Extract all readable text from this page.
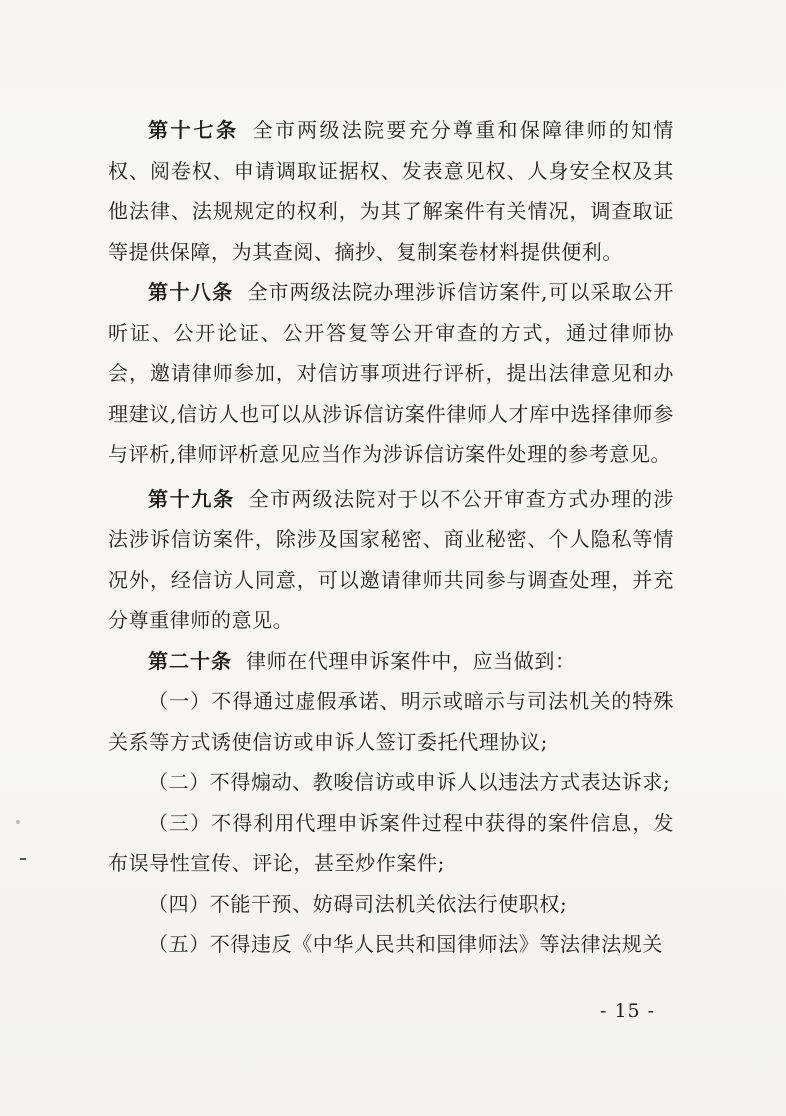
第十七条 全市两级法院要充分尊重和保障律师的知情权、阅卷权、申请调取证据权、发表意见权、人身安全权及其他法律、法规规定的权利，为其了解案件有关情况，调查取证等提供保障，为其查阅、摘抄、复制案卷材料提供便利。

第十八条 全市两级法院办理涉诉信访案件,可以采取公开听证、公开论证、公开答复等公开审查的方式，通过律师协会，邀请律师参加，对信访事项进行评析，提出法律意见和办理建议,信访人也可以从涉诉信访案件律师人才库中选择律师参与评析,律师评析意见应当作为涉诉信访案件处理的参考意见。

第十九条 全市两级法院对于以不公开审查方式办理的涉法涉诉信访案件，除涉及国家秘密、商业秘密、个人隐私等情况外，经信访人同意，可以邀请律师共同参与调查处理，并充分尊重律师的意见。

第二十条 律师在代理申诉案件中，应当做到：

（一）不得通过虚假承诺、明示或暗示与司法机关的特殊关系等方式诱使信访或申诉人签订委托代理协议;

（二）不得煽动、教唆信访或申诉人以违法方式表达诉求;

（三）不得利用代理申诉案件过程中获得的案件信息，发布误导性宣传、评论，甚至炒作案件;

（四）不能干预、妨碍司法机关依法行使职权;

（五）不得违反《中华人民共和国律师法》等法律法规关

- 15 -
